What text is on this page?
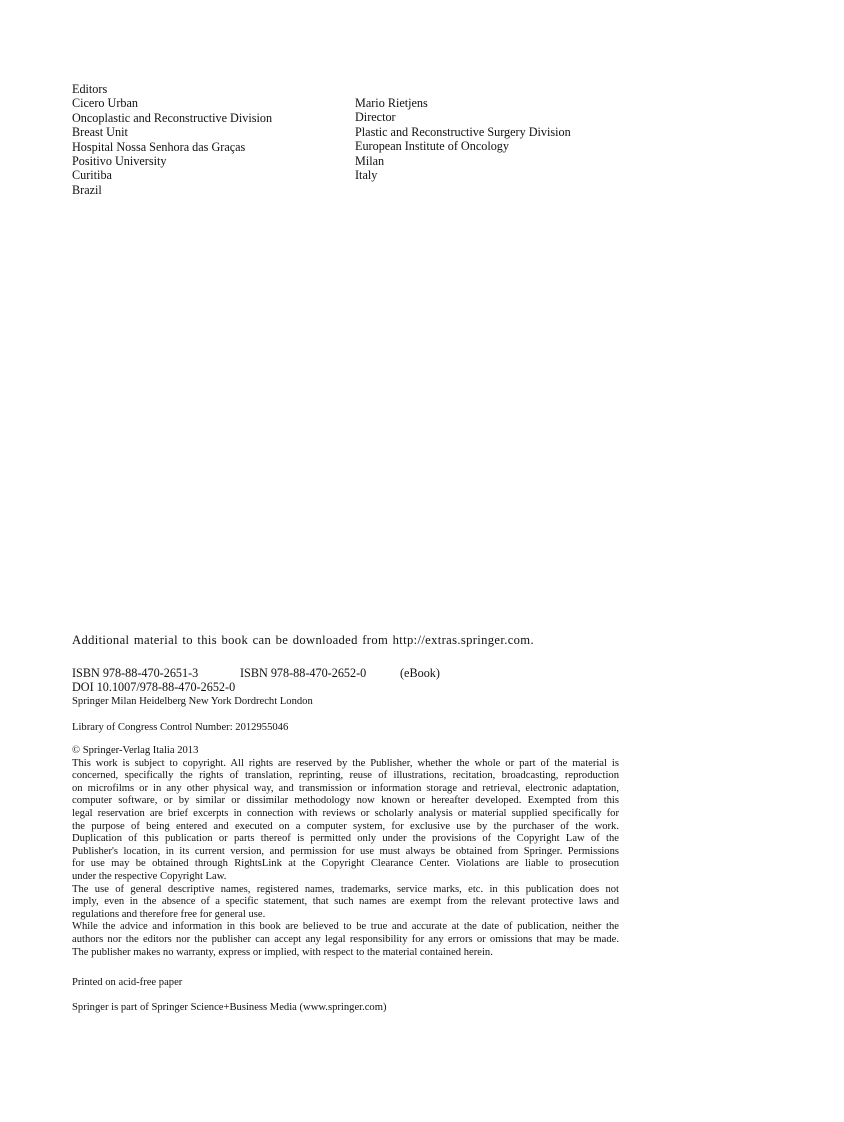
Editors
Cicero Urban
Oncoplastic and Reconstructive Division
Breast Unit
Hospital Nossa Senhora das Graças
Positivo University
Curitiba
Brazil
Mario Rietjens
Director
Plastic and Reconstructive Surgery Division
European Institute of Oncology
Milan
Italy
Additional material to this book can be downloaded from http://extras.springer.com.
ISBN 978-88-470-2651-3	ISBN 978-88-470-2652-0	(eBook)
DOI 10.1007/978-88-470-2652-0
Springer Milan Heidelberg New York Dordrecht London
Library of Congress Control Number: 2012955046
© Springer-Verlag Italia 2013
This work is subject to copyright. All rights are reserved by the Publisher, whether the whole or part of the material is
concerned, specifically the rights of translation, reprinting, reuse of illustrations, recitation, broadcasting, reproduction
on microfilms or in any other physical way, and transmission or information storage and retrieval, electronic adaptation,
computer software, or by similar or dissimilar methodology now known or hereafter developed. Exempted from this
legal reservation are brief excerpts in connection with reviews or scholarly analysis or material supplied specifically for
the purpose of being entered and executed on a computer system, for exclusive use by the purchaser of the work.
Duplication of this publication or parts thereof is permitted only under the provisions of the Copyright Law of the
Publisher's location, in its current version, and permission for use must always be obtained from Springer. Permissions
for use may be obtained through RightsLink at the Copyright Clearance Center. Violations are liable to prosecution
under the respective Copyright Law.
The use of general descriptive names, registered names, trademarks, service marks, etc. in this publication does not
imply, even in the absence of a specific statement, that such names are exempt from the relevant protective laws and
regulations and therefore free for general use.
While the advice and information in this book are believed to be true and accurate at the date of publication, neither the
authors nor the editors nor the publisher can accept any legal responsibility for any errors or omissions that may be made.
The publisher makes no warranty, express or implied, with respect to the material contained herein.
Printed on acid-free paper
Springer is part of Springer Science+Business Media (www.springer.com)
